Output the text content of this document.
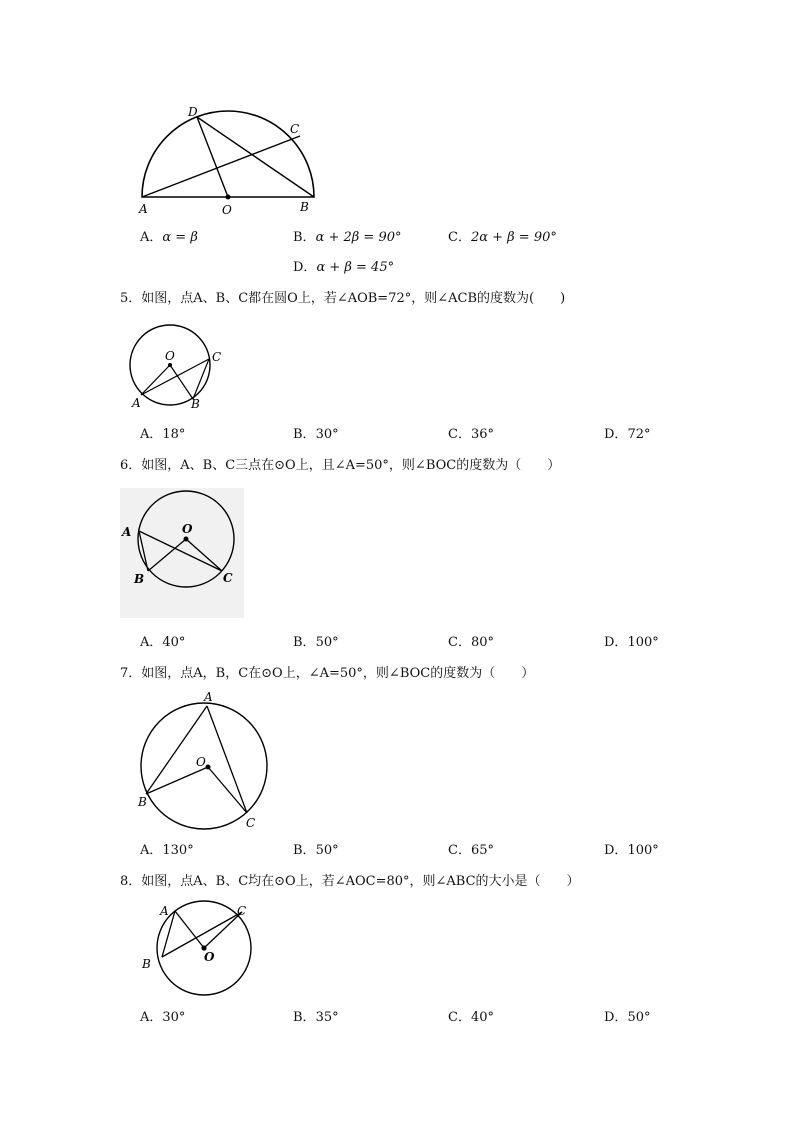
D
C
A	O	B
A．α = β	B．α + 2β = 90°	C．2α + β = 90°
D．α + β = 45°
5．如图，点A、B、C都在圆O上，若∠AOB=72°，则∠ACB的度数为(　　)
O	C
A	B
A．18°	B．30°	C．36°	D．72°
6．如图，A、B、C三点在⊙O上，且∠A=50°，则∠BOC的度数为（　　）
A	O
B	C
A．40°	B．50°	C．80°	D．100°
7．如图，点A，B，C在⊙O上，∠A=50°，则∠BOC的度数为（　　）
A
O
B
C
A．130°	B．50°	C．65°	D．100°
8．如图，点A、B、C均在⊙O上，若∠AOC=80°，则∠ABC的大小是（　　）
A	C
B	O
A．30°	B．35°	C．40°	D．50°
